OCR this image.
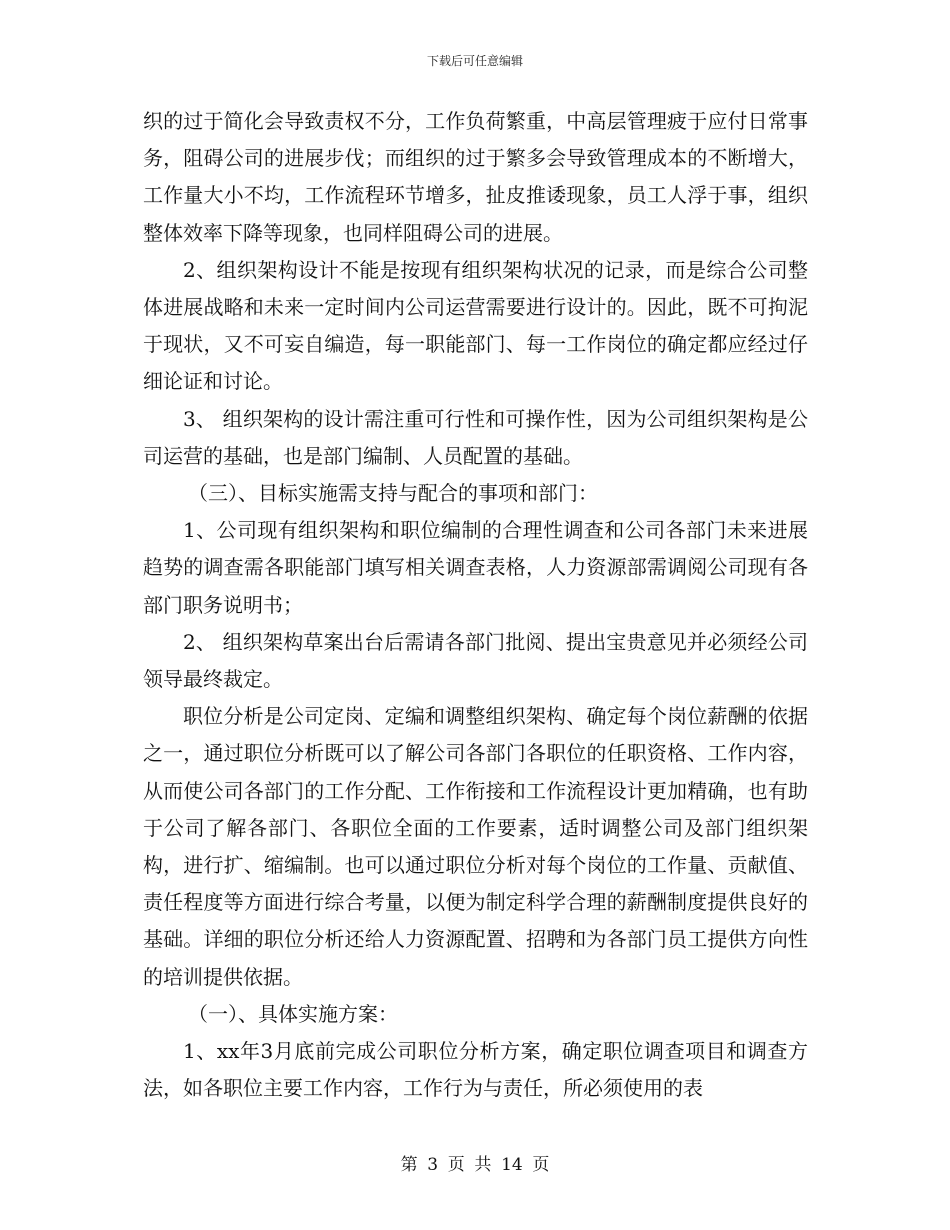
下载后可任意编辑

织的过于简化会导致责权不分，工作负荷繁重，中高层管理疲于应付日常事务，阻碍公司的进展步伐；而组织的过于繁多会导致管理成本的不断增大，工作量大小不均，工作流程环节增多，扯皮推诿现象，员工人浮于事，组织整体效率下降等现象，也同样阻碍公司的进展。

2、组织架构设计不能是按现有组织架构状况的记录，而是综合公司整体进展战略和未来一定时间内公司运营需要进行设计的。因此，既不可拘泥于现状，又不可妄自编造，每一职能部门、每一工作岗位的确定都应经过仔细论证和讨论。

3、 组织架构的设计需注重可行性和可操作性，因为公司组织架构是公司运营的基础，也是部门编制、人员配置的基础。

（三）、目标实施需支持与配合的事项和部门：

1、公司现有组织架构和职位编制的合理性调查和公司各部门未来进展趋势的调查需各职能部门填写相关调查表格，人力资源部需调阅公司现有各部门职务说明书；

2、 组织架构草案出台后需请各部门批阅、提出宝贵意见并必须经公司领导最终裁定。

职位分析是公司定岗、定编和调整组织架构、确定每个岗位薪酬的依据之一，通过职位分析既可以了解公司各部门各职位的任职资格、工作内容，从而使公司各部门的工作分配、工作衔接和工作流程设计更加精确，也有助于公司了解各部门、各职位全面的工作要素，适时调整公司及部门组织架构，进行扩、缩编制。也可以通过职位分析对每个岗位的工作量、贡献值、责任程度等方面进行综合考量，以便为制定科学合理的薪酬制度提供良好的基础。详细的职位分析还给人力资源配置、招聘和为各部门员工提供方向性的培训提供依据。

（一）、具体实施方案：

1、xx年3月底前完成公司职位分析方案，确定职位调查项目和调查方法，如各职位主要工作内容，工作行为与责任，所必须使用的表

第 3 页 共 14 页
